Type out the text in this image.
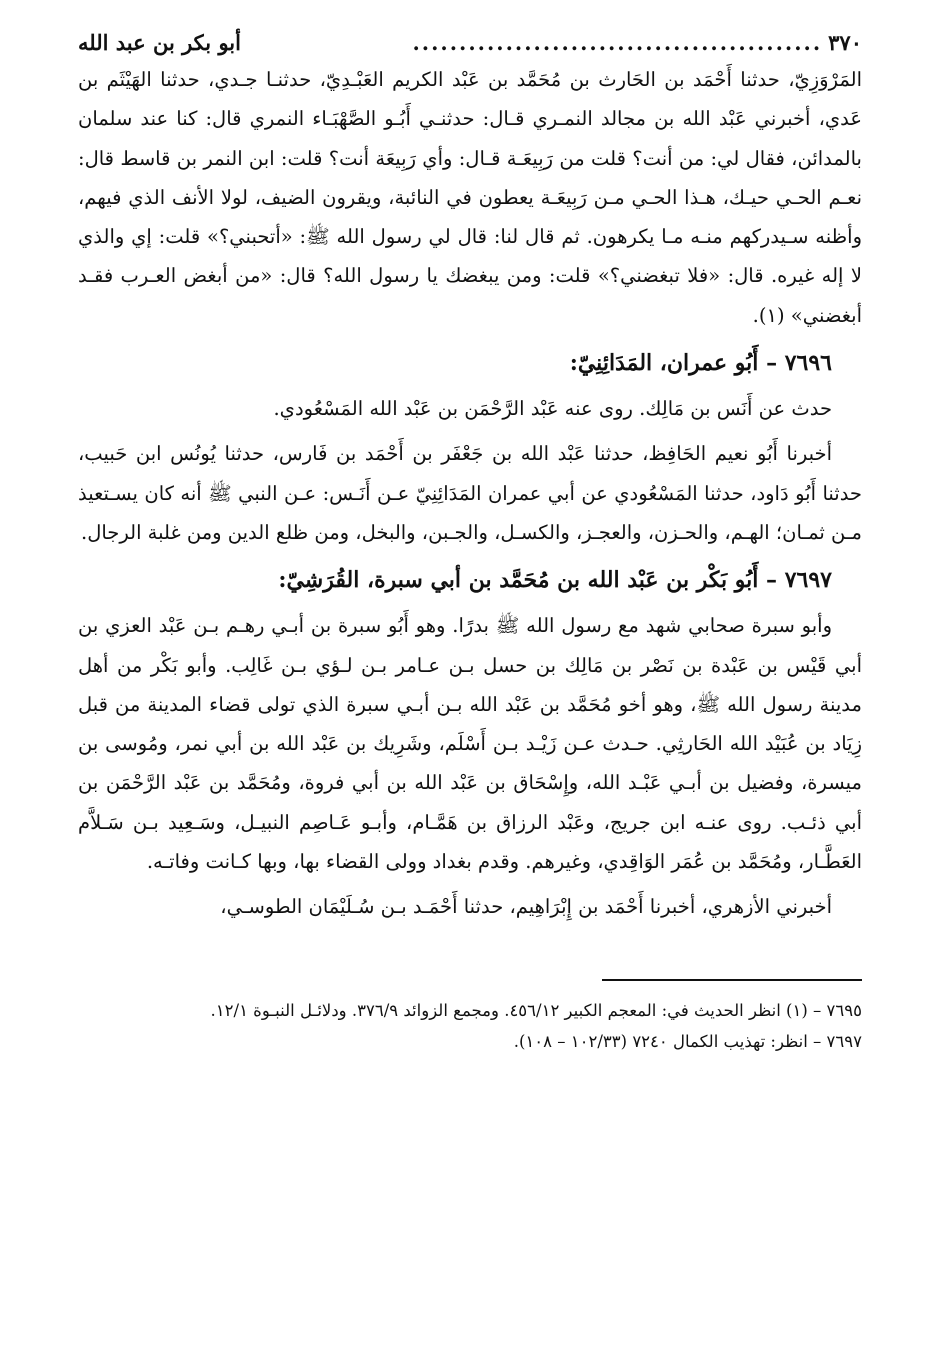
٣٧٠
............................................
أبو بكر بن عبد الله

المَرْوَزِيّ، حدثنا أَحْمَد بن الحَارث بن مُحَمَّد بن عَبْد الكريم العَبْـدِيّ، حدثنـا جـدي، حدثنا الهَيْثَم بن عَدي، أخبرني عَبْد الله بن مجالد النمـري قـال: حدثنـي أَبُـو الصَّهْبَـاء النمري قال: كنا عند سلمان بالمدائن، فقال لي: من أنت؟ قلت من رَبِيعَـة قـال: وأي رَبِيعَة أنت؟ قلت: ابن النمر بن قاسط قال: نعـم الحـي حيـك، هـذا الحـي مـن رَبِيعَـة يعطون في النائبة، ويقرون الضيف، لولا الأنف الذي فيهم، وأظنه سـيدركهم منـه مـا يكرهون. ثم قال لنا: قال لي رسول الله ﷺ: «أتحبني؟» قلت: إي والذي لا إله غيره. قال: «فلا تبغضني؟» قلت: ومن يبغضك يا رسول الله؟ قال: «من أبغض العـرب فقـد أبغضني» (١).

٧٦٩٦ – أَبُو عمران، المَدَائِنِيّ:

حدث عن أَنَس بن مَالِك. روى عنه عَبْد الرَّحْمَن بن عَبْد الله المَسْعُودي.

أخبرنا أَبُو نعيم الحَافِظ، حدثنا عَبْد الله بن جَعْفَر بن أَحْمَد بن فَارس، حدثنا يُونُس ابن حَبيب، حدثنا أَبُو دَاود، حدثنا المَسْعُودي عن أبي عمران المَدَائِنِيّ عـن أَنَـس: عـن النبي ﷺ أنه كان يسـتعيذ مـن ثمـان؛ الهـم، والحـزن، والعجـز، والكسـل، والجـبن، والبخل، ومن ظلع الدين ومن غلبة الرجال.

٧٦٩٧ – أَبُو بَكْر بن عَبْد الله بن مُحَمَّد بن أبي سبرة، القُرَشِيّ:

وأبو سبرة صحابي شهد مع رسول الله ﷺ بدرًا. وهو أَبُو سبرة بن أبـي رهـم بـن عَبْد العزي بن أبي قَيْس بن عَبْدة بن نَصْر بن مَالِك بن حسل بـن عـامر بـن لـؤي بـن غَالِب. وأبو بَكْر من أهل مدينة رسول الله ﷺ، وهو أخو مُحَمَّد بن عَبْد الله بـن أبـي سبرة الذي تولى قضاء المدينة من قبل زِيَاد بن عُبَيْد الله الحَارثِي. حـدث عـن زَيْـد بـن أَسْلَم، وشَرِيك بن عَبْد الله بن أبي نمر، ومُوسى بن ميسرة، وفضيل بن أبـي عَبْـد الله، وإِسْحَاق بن عَبْد الله بن أبي فروة، ومُحَمَّد بن عَبْد الرَّحْمَن بن أبي ذئـب. روى عنـه ابن جريج، وعَبْد الرزاق بن هَمَّـام، وأبـو عَـاصِم النبيـل، وسَـعِيد بـن سَـلاَّم العَطَّـار، ومُحَمَّد بن عُمَر الوَاقِدي، وغيرهم. وقدم بغداد وولى القضاء بها، وبها كـانت وفاتـه.

أخبرني الأزهري، أخبرنا أَحْمَد بن إِبْرَاهِيم، حدثنا أَحْمَـد بـن سُـلَيْمَان الطوسـي،

٧٦٩٥ – (١) انظر الحديث في: المعجم الكبير ٤٥٦/١٢. ومجمع الزوائد ٣٧٦/٩. ودلائـل النبـوة ١٢/١.

٧٦٩٧ – انظر: تهذيب الكمال ٧٢٤٠ (١٠٢/٣٣ – ١٠٨).
